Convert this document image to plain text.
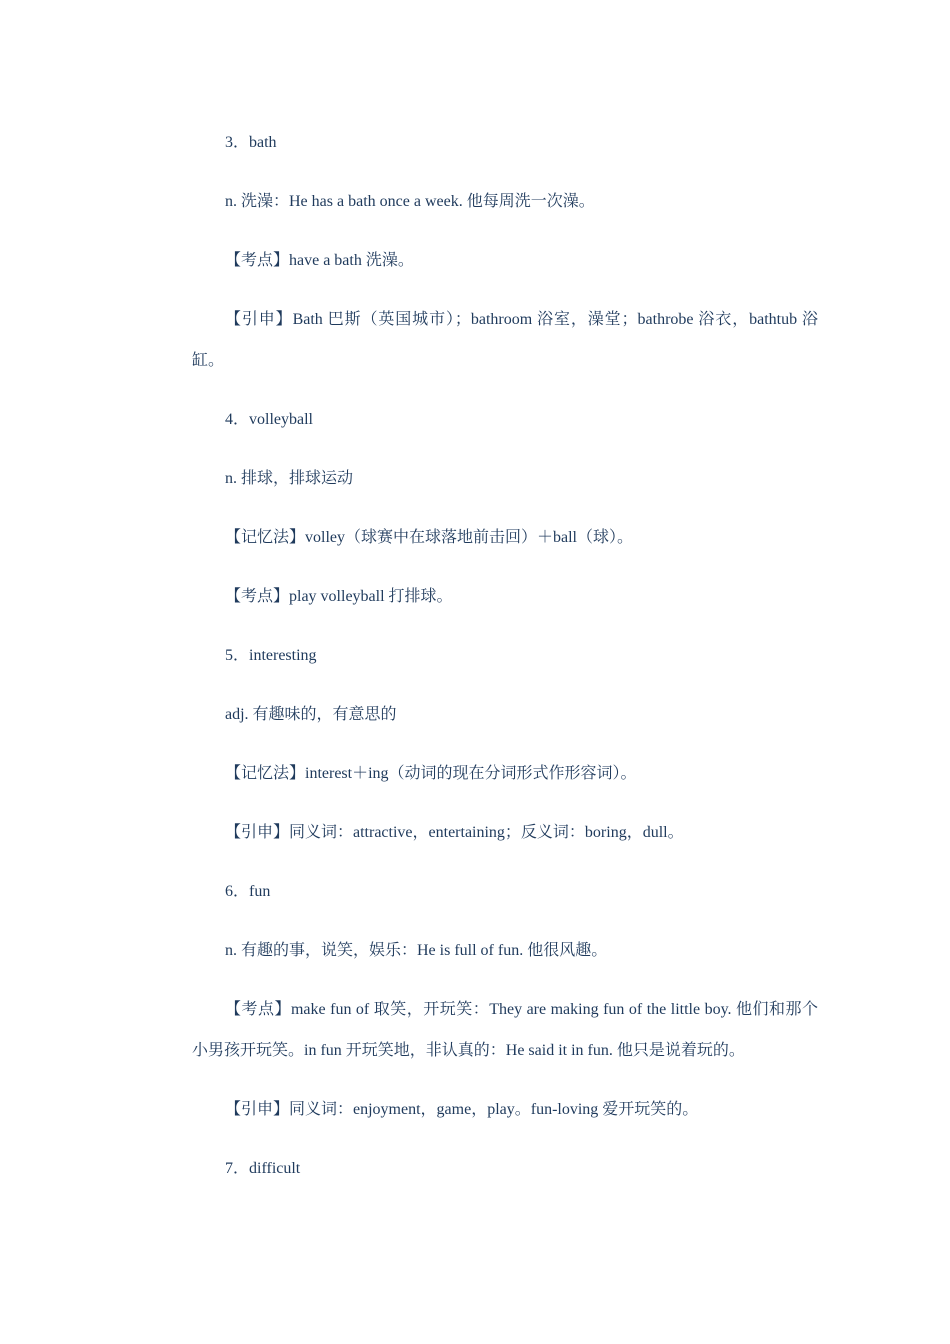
3．bath

n. 洗澡：He has a bath once a week. 他每周洗一次澡。

【考点】have a bath 洗澡。

【引申】Bath 巴斯（英国城市）；bathroom 浴室，澡堂；bathrobe 浴衣，bathtub 浴缸。

4．volleyball

n. 排球，排球运动

【记忆法】volley（球赛中在球落地前击回）＋ball（球）。

【考点】play volleyball 打排球。

5．interesting

adj. 有趣味的，有意思的

【记忆法】interest＋ing（动词的现在分词形式作形容词）。

【引申】同义词：attractive，entertaining；反义词：boring，dull。

6．fun

n. 有趣的事，说笑，娱乐：He is full of fun. 他很风趣。

【考点】make fun of 取笑，开玩笑：They are making fun of the little boy. 他们和那个小男孩开玩笑。in fun 开玩笑地，非认真的：He said it in fun. 他只是说着玩的。

【引申】同义词：enjoyment，game，play。fun-loving 爱开玩笑的。

7．difficult
